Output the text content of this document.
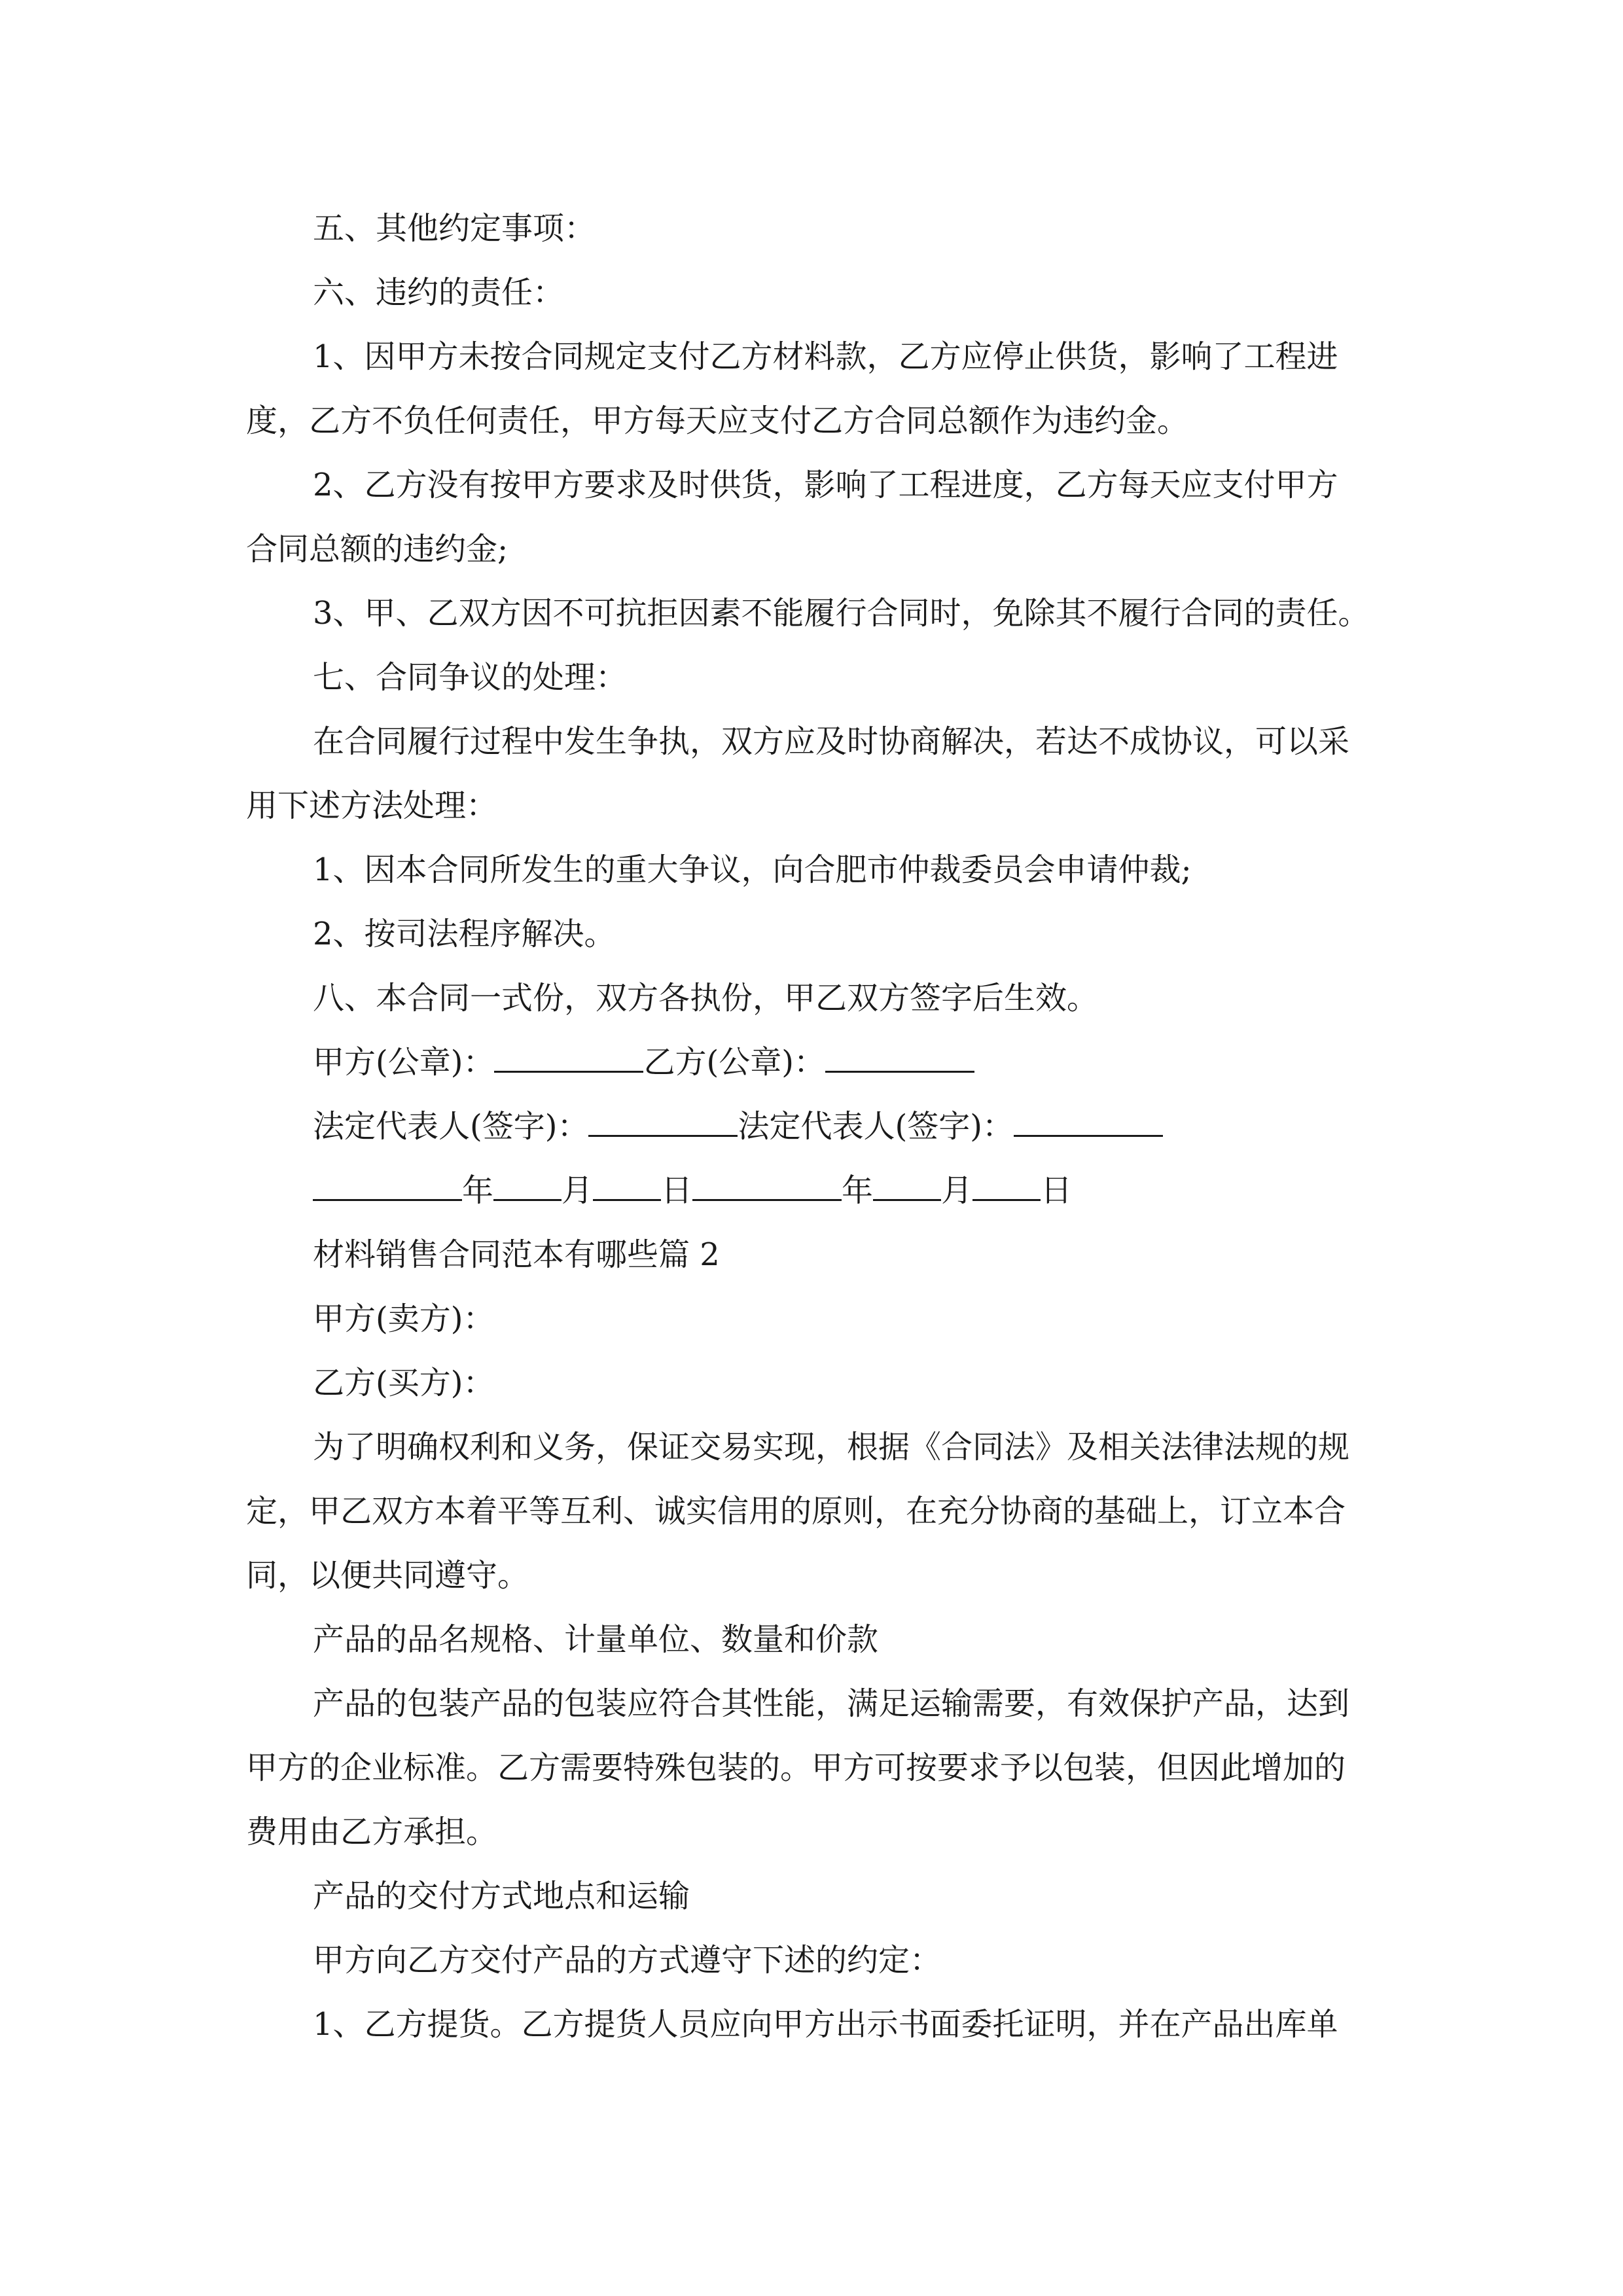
五、其他约定事项：

六、违约的责任：

1、因甲方未按合同规定支付乙方材料款，乙方应停止供货，影响了工程进

度，乙方不负任何责任，甲方每天应支付乙方合同总额作为违约金。

2、乙方没有按甲方要求及时供货，影响了工程进度，乙方每天应支付甲方

合同总额的违约金;

3、甲、乙双方因不可抗拒因素不能履行合同时，免除其不履行合同的责任。

七、合同争议的处理：

在合同履行过程中发生争执，双方应及时协商解决，若达不成协议，可以采

用下述方法处理：

1、因本合同所发生的重大争议，向合肥市仲裁委员会申请仲裁;

2、按司法程序解决。

八、本合同一式份，双方各执份，甲乙双方签字后生效。

甲方(公章)：	乙方(公章)：

法定代表人(签字)：	法定代表人(签字)：

年 月 日	年 月 日

材料销售合同范本有哪些篇 2

甲方(卖方)：

乙方(买方)：

为了明确权利和义务，保证交易实现，根据《合同法》及相关法律法规的规

定，甲乙双方本着平等互利、诚实信用的原则，在充分协商的基础上，订立本合

同，以便共同遵守。

产品的品名规格、计量单位、数量和价款

产品的包装产品的包装应符合其性能，满足运输需要，有效保护产品，达到

甲方的企业标准。乙方需要特殊包装的。甲方可按要求予以包装，但因此增加的

费用由乙方承担。

产品的交付方式地点和运输

甲方向乙方交付产品的方式遵守下述的约定：

1、乙方提货。乙方提货人员应向甲方出示书面委托证明，并在产品出库单
